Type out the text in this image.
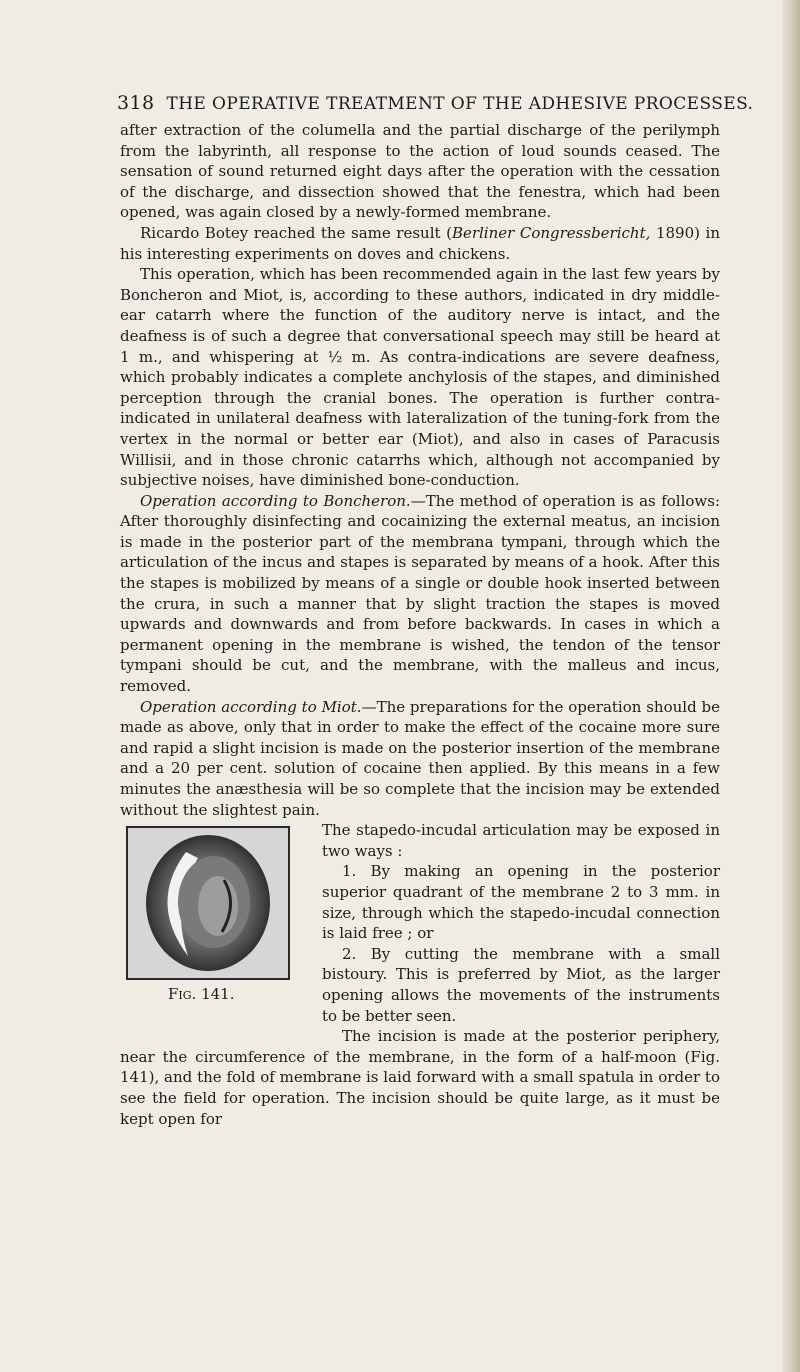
318 THE OPERATIVE TREATMENT OF THE ADHESIVE PROCESSES.

after extraction of the columella and the partial discharge of the perilymph from the labyrinth, all response to the action of loud sounds ceased. The sensation of sound returned eight days after the operation with the cessation of the discharge, and dissection showed that the fenestra, which had been opened, was again closed by a newly-formed membrane.

Ricardo Botey reached the same result (Berliner Congressbericht, 1890) in his interesting experiments on doves and chickens.

This operation, which has been recommended again in the last few years by Boncheron and Miot, is, according to these authors, indicated in dry middle-ear catarrh where the function of the auditory nerve is intact, and the deafness is of such a degree that conversational speech may still be heard at 1 m., and whispering at ½ m. As contra-indications are severe deafness, which probably indicates a complete anchylosis of the stapes, and diminished perception through the cranial bones. The operation is further contra-indicated in unilateral deafness with lateralization of the tuning-fork from the vertex in the normal or better ear (Miot), and also in cases of Paracusis Willisii, and in those chronic catarrhs which, although not accompanied by subjective noises, have diminished bone-conduction.

Operation according to Boncheron.—The method of operation is as follows: After thoroughly disinfecting and cocainizing the external meatus, an incision is made in the posterior part of the membrana tympani, through which the articulation of the incus and stapes is separated by means of a hook. After this the stapes is mobilized by means of a single or double hook inserted between the crura, in such a manner that by slight traction the stapes is moved upwards and downwards and from before backwards. In cases in which a permanent opening in the membrane is wished, the tendon of the tensor tympani should be cut, and the membrane, with the malleus and incus, removed.

Operation according to Miot.—The preparations for the operation should be made as above, only that in order to make the effect of the cocaine more sure and rapid a slight incision is made on the posterior insertion of the membrane and a 20 per cent. solution of cocaine then applied. By this means in a few minutes the anæsthesia will be so complete that the incision may be extended without the slightest pain.

Fig. 141.

The stapedo-incudal articulation may be exposed in two ways :

1. By making an opening in the posterior superior quadrant of the membrane 2 to 3 mm. in size, through which the stapedo-incudal connection is laid free ; or

2. By cutting the membrane with a small bistoury. This is preferred by Miot, as the larger opening allows the movements of the instruments to be better seen.

The incision is made at the posterior periphery, near the circumference of the membrane, in the form of a half-moon (Fig. 141), and the fold of membrane is laid forward with a small spatula in order to see the field for operation. The incision should be quite large, as it must be kept open for
